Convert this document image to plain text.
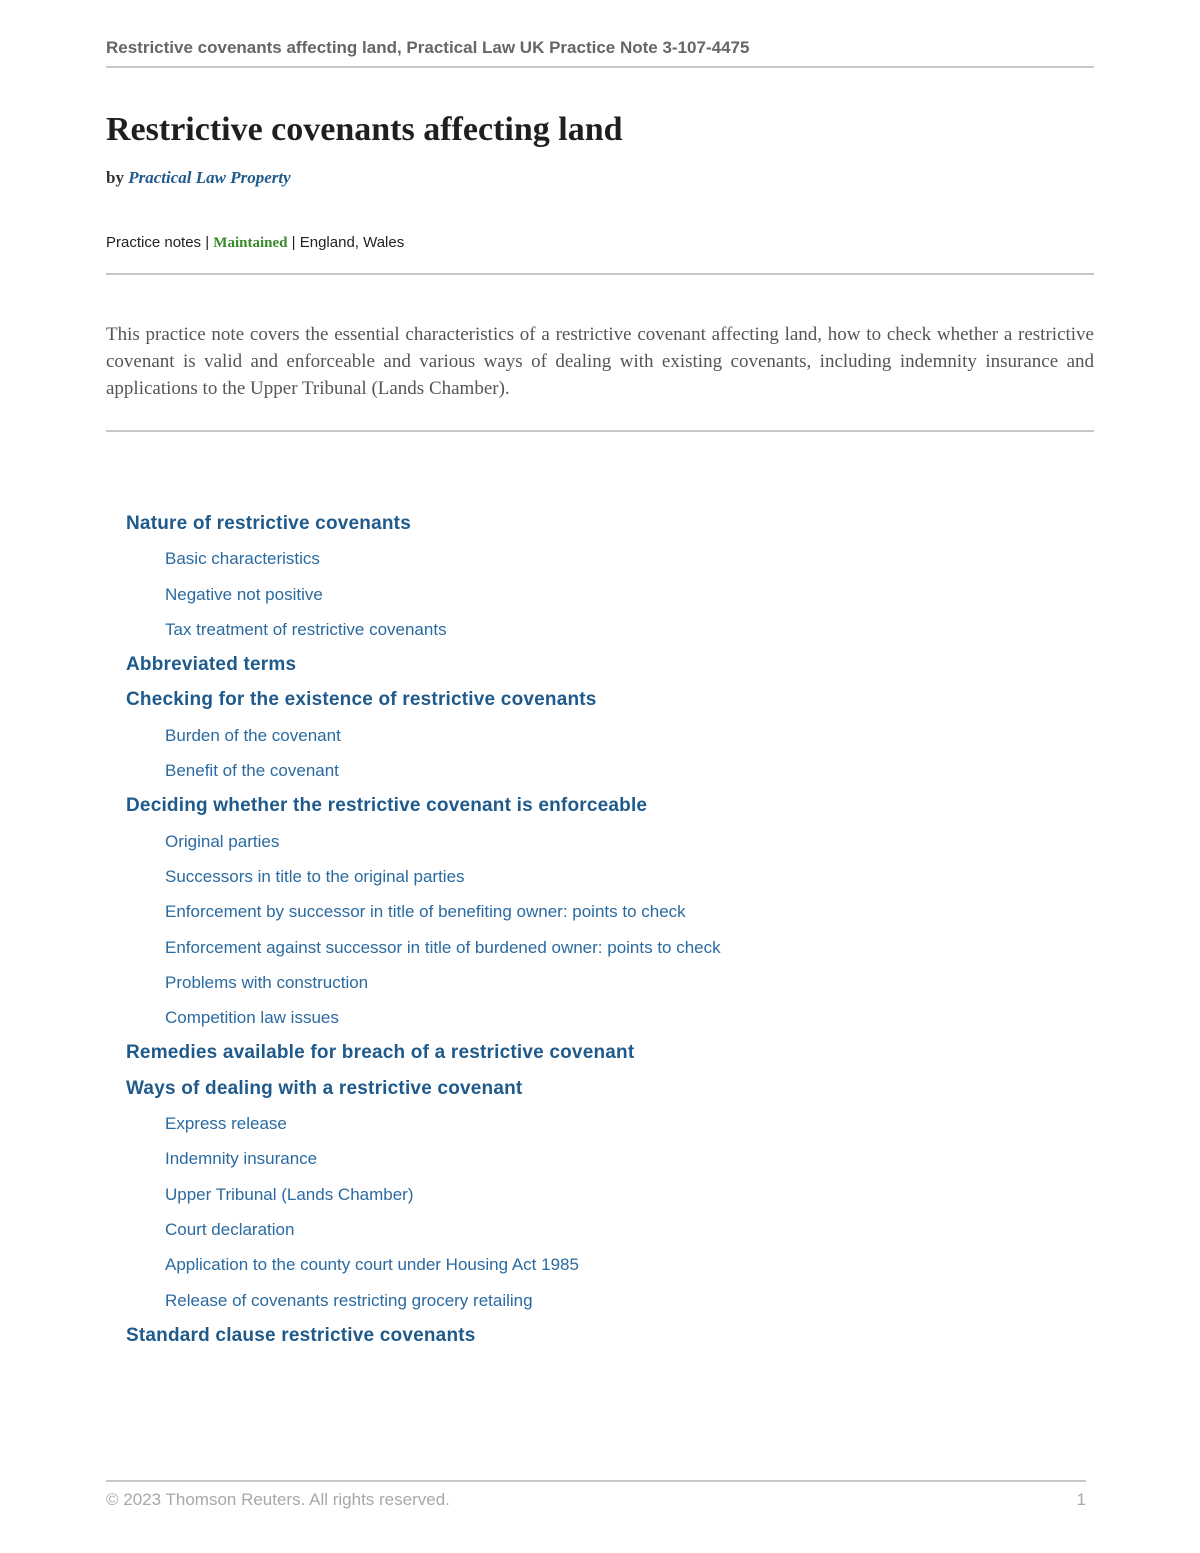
Restrictive covenants affecting land, Practical Law UK Practice Note 3-107-4475
Restrictive covenants affecting land
by Practical Law Property
Practice notes | Maintained | England, Wales

This practice note covers the essential characteristics of a restrictive covenant affecting land, how to check whether a restrictive covenant is valid and enforceable and various ways of dealing with existing covenants, including indemnity insurance and applications to the Upper Tribunal (Lands Chamber).

Nature of restrictive covenants
Basic characteristics
Negative not positive
Tax treatment of restrictive covenants
Abbreviated terms
Checking for the existence of restrictive covenants
Burden of the covenant
Benefit of the covenant
Deciding whether the restrictive covenant is enforceable
Original parties
Successors in title to the original parties
Enforcement by successor in title of benefiting owner: points to check
Enforcement against successor in title of burdened owner: points to check
Problems with construction
Competition law issues
Remedies available for breach of a restrictive covenant
Ways of dealing with a restrictive covenant
Express release
Indemnity insurance
Upper Tribunal (Lands Chamber)
Court declaration
Application to the county court under Housing Act 1985
Release of covenants restricting grocery retailing
Standard clause restrictive covenants
© 2023 Thomson Reuters. All rights reserved.	1
